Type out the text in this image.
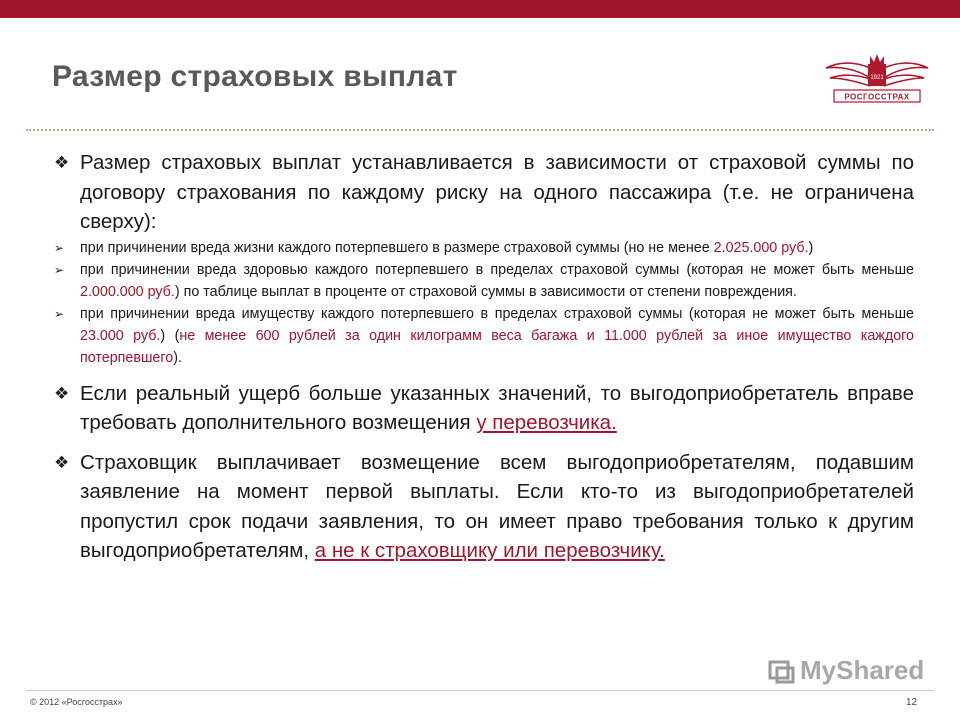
Размер страховых выплат	1921
РОСГОССТРАХ
❖ Размер страховых выплат устанавливается в зависимости от страховой суммы по договору страхования по каждому риску на одного пассажира (т.е. не ограничена сверху):
➢ при причинении вреда жизни каждого потерпевшего в размере страховой суммы (но не менее 2.025.000 руб.)
➢ при причинении вреда здоровью каждого потерпевшего в пределах страховой суммы (которая не может быть меньше 2.000.000 руб.) по таблице выплат в проценте от страховой суммы в зависимости от степени повреждения.
➢ при причинении вреда имуществу каждого потерпевшего в пределах страховой суммы (которая не может быть меньше 23.000 руб.) (не менее 600 рублей за один килограмм веса багажа и 11.000 рублей за иное имущество каждого потерпевшего).
❖ Если реальный ущерб больше указанных значений, то выгодоприобретатель вправе требовать дополнительного возмещения у перевозчика.
❖ Страховщик выплачивает возмещение всем выгодоприобретателям, подавшим заявление на момент первой выплаты. Если кто-то из выгодоприобретателей пропустил срок подачи заявления, то он имеет право требования только к другим выгодоприобретателям, а не к страховщику или перевозчику.
MyShared
© 2012 «Росгосстрах»	12
